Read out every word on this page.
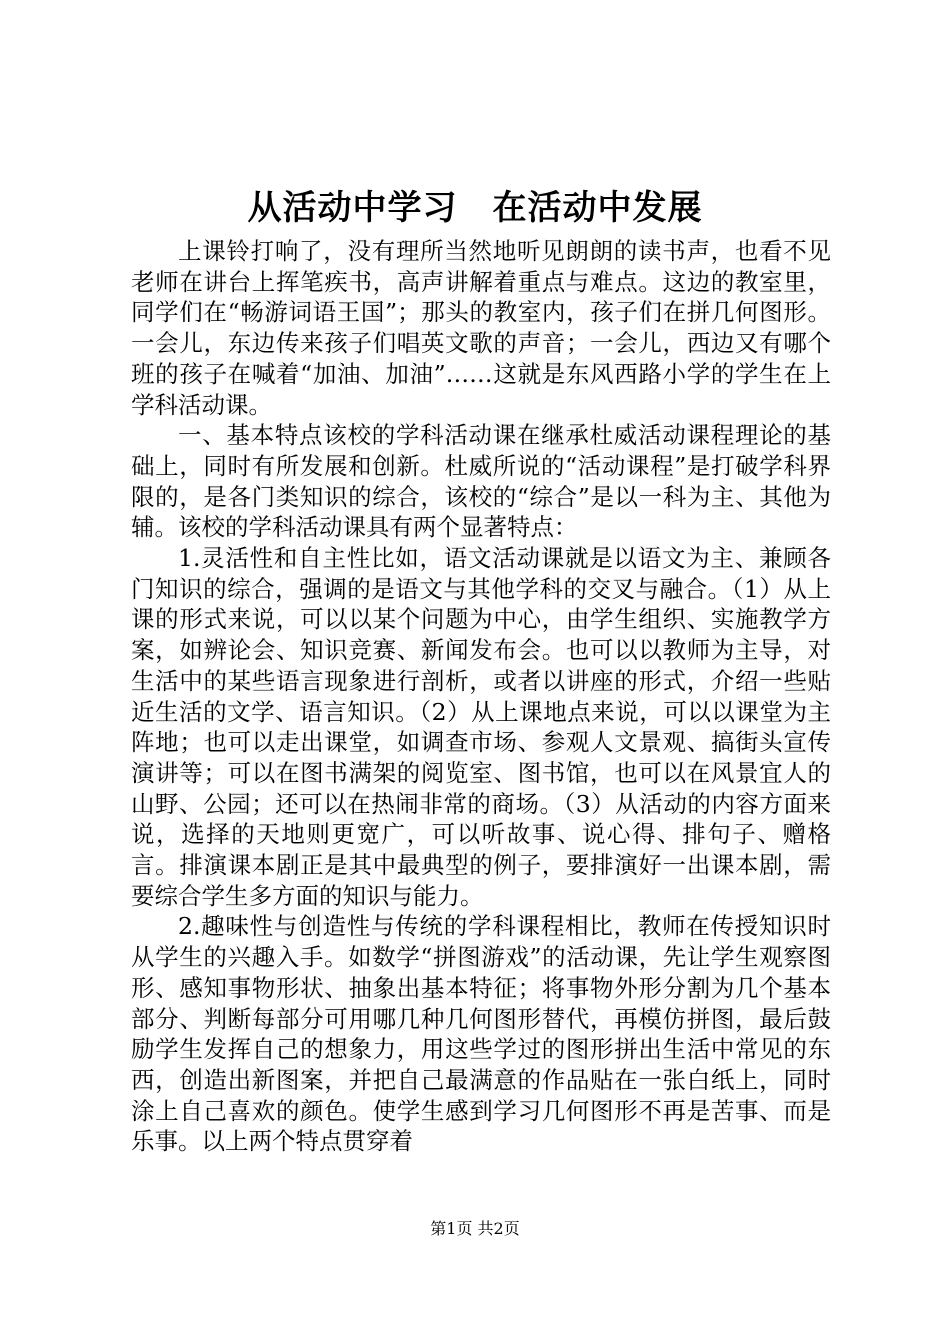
从活动中学习　在活动中发展

上课铃打响了，没有理所当然地听见朗朗的读书声，也看不见老师在讲台上挥笔疾书，高声讲解着重点与难点。这边的教室里，同学们在“畅游词语王国”；那头的教室内，孩子们在拼几何图形。一会儿，东边传来孩子们唱英文歌的声音；一会儿，西边又有哪个班的孩子在喊着“加油、加油”……这就是东风西路小学的学生在上学科活动课。

一、基本特点该校的学科活动课在继承杜威活动课程理论的基础上，同时有所发展和创新。杜威所说的“活动课程”是打破学科界限的，是各门类知识的综合，该校的“综合”是以一科为主、其他为辅。该校的学科活动课具有两个显著特点：

1.灵活性和自主性比如，语文活动课就是以语文为主、兼顾各门知识的综合，强调的是语文与其他学科的交叉与融合。（1）从上课的形式来说，可以以某个问题为中心，由学生组织、实施教学方案，如辨论会、知识竞赛、新闻发布会。也可以以教师为主导，对生活中的某些语言现象进行剖析，或者以讲座的形式，介绍一些贴近生活的文学、语言知识。（2）从上课地点来说，可以以课堂为主阵地；也可以走出课堂，如调查市场、参观人文景观、搞街头宣传演讲等；可以在图书满架的阅览室、图书馆，也可以在风景宜人的山野、公园；还可以在热闹非常的商场。（3）从活动的内容方面来说，选择的天地则更宽广，可以听故事、说心得、排句子、赠格言。排演课本剧正是其中最典型的例子，要排演好一出课本剧，需要综合学生多方面的知识与能力。

2.趣味性与创造性与传统的学科课程相比，教师在传授知识时从学生的兴趣入手。如数学“拼图游戏”的活动课，先让学生观察图形、感知事物形状、抽象出基本特征；将事物外形分割为几个基本部分、判断每部分可用哪几种几何图形替代，再模仿拼图，最后鼓励学生发挥自己的想象力，用这些学过的图形拼出生活中常见的东西，创造出新图案，并把自己最满意的作品贴在一张白纸上，同时涂上自己喜欢的颜色。使学生感到学习几何图形不再是苦事、而是乐事。以上两个特点贯穿着

第1页 共2页
